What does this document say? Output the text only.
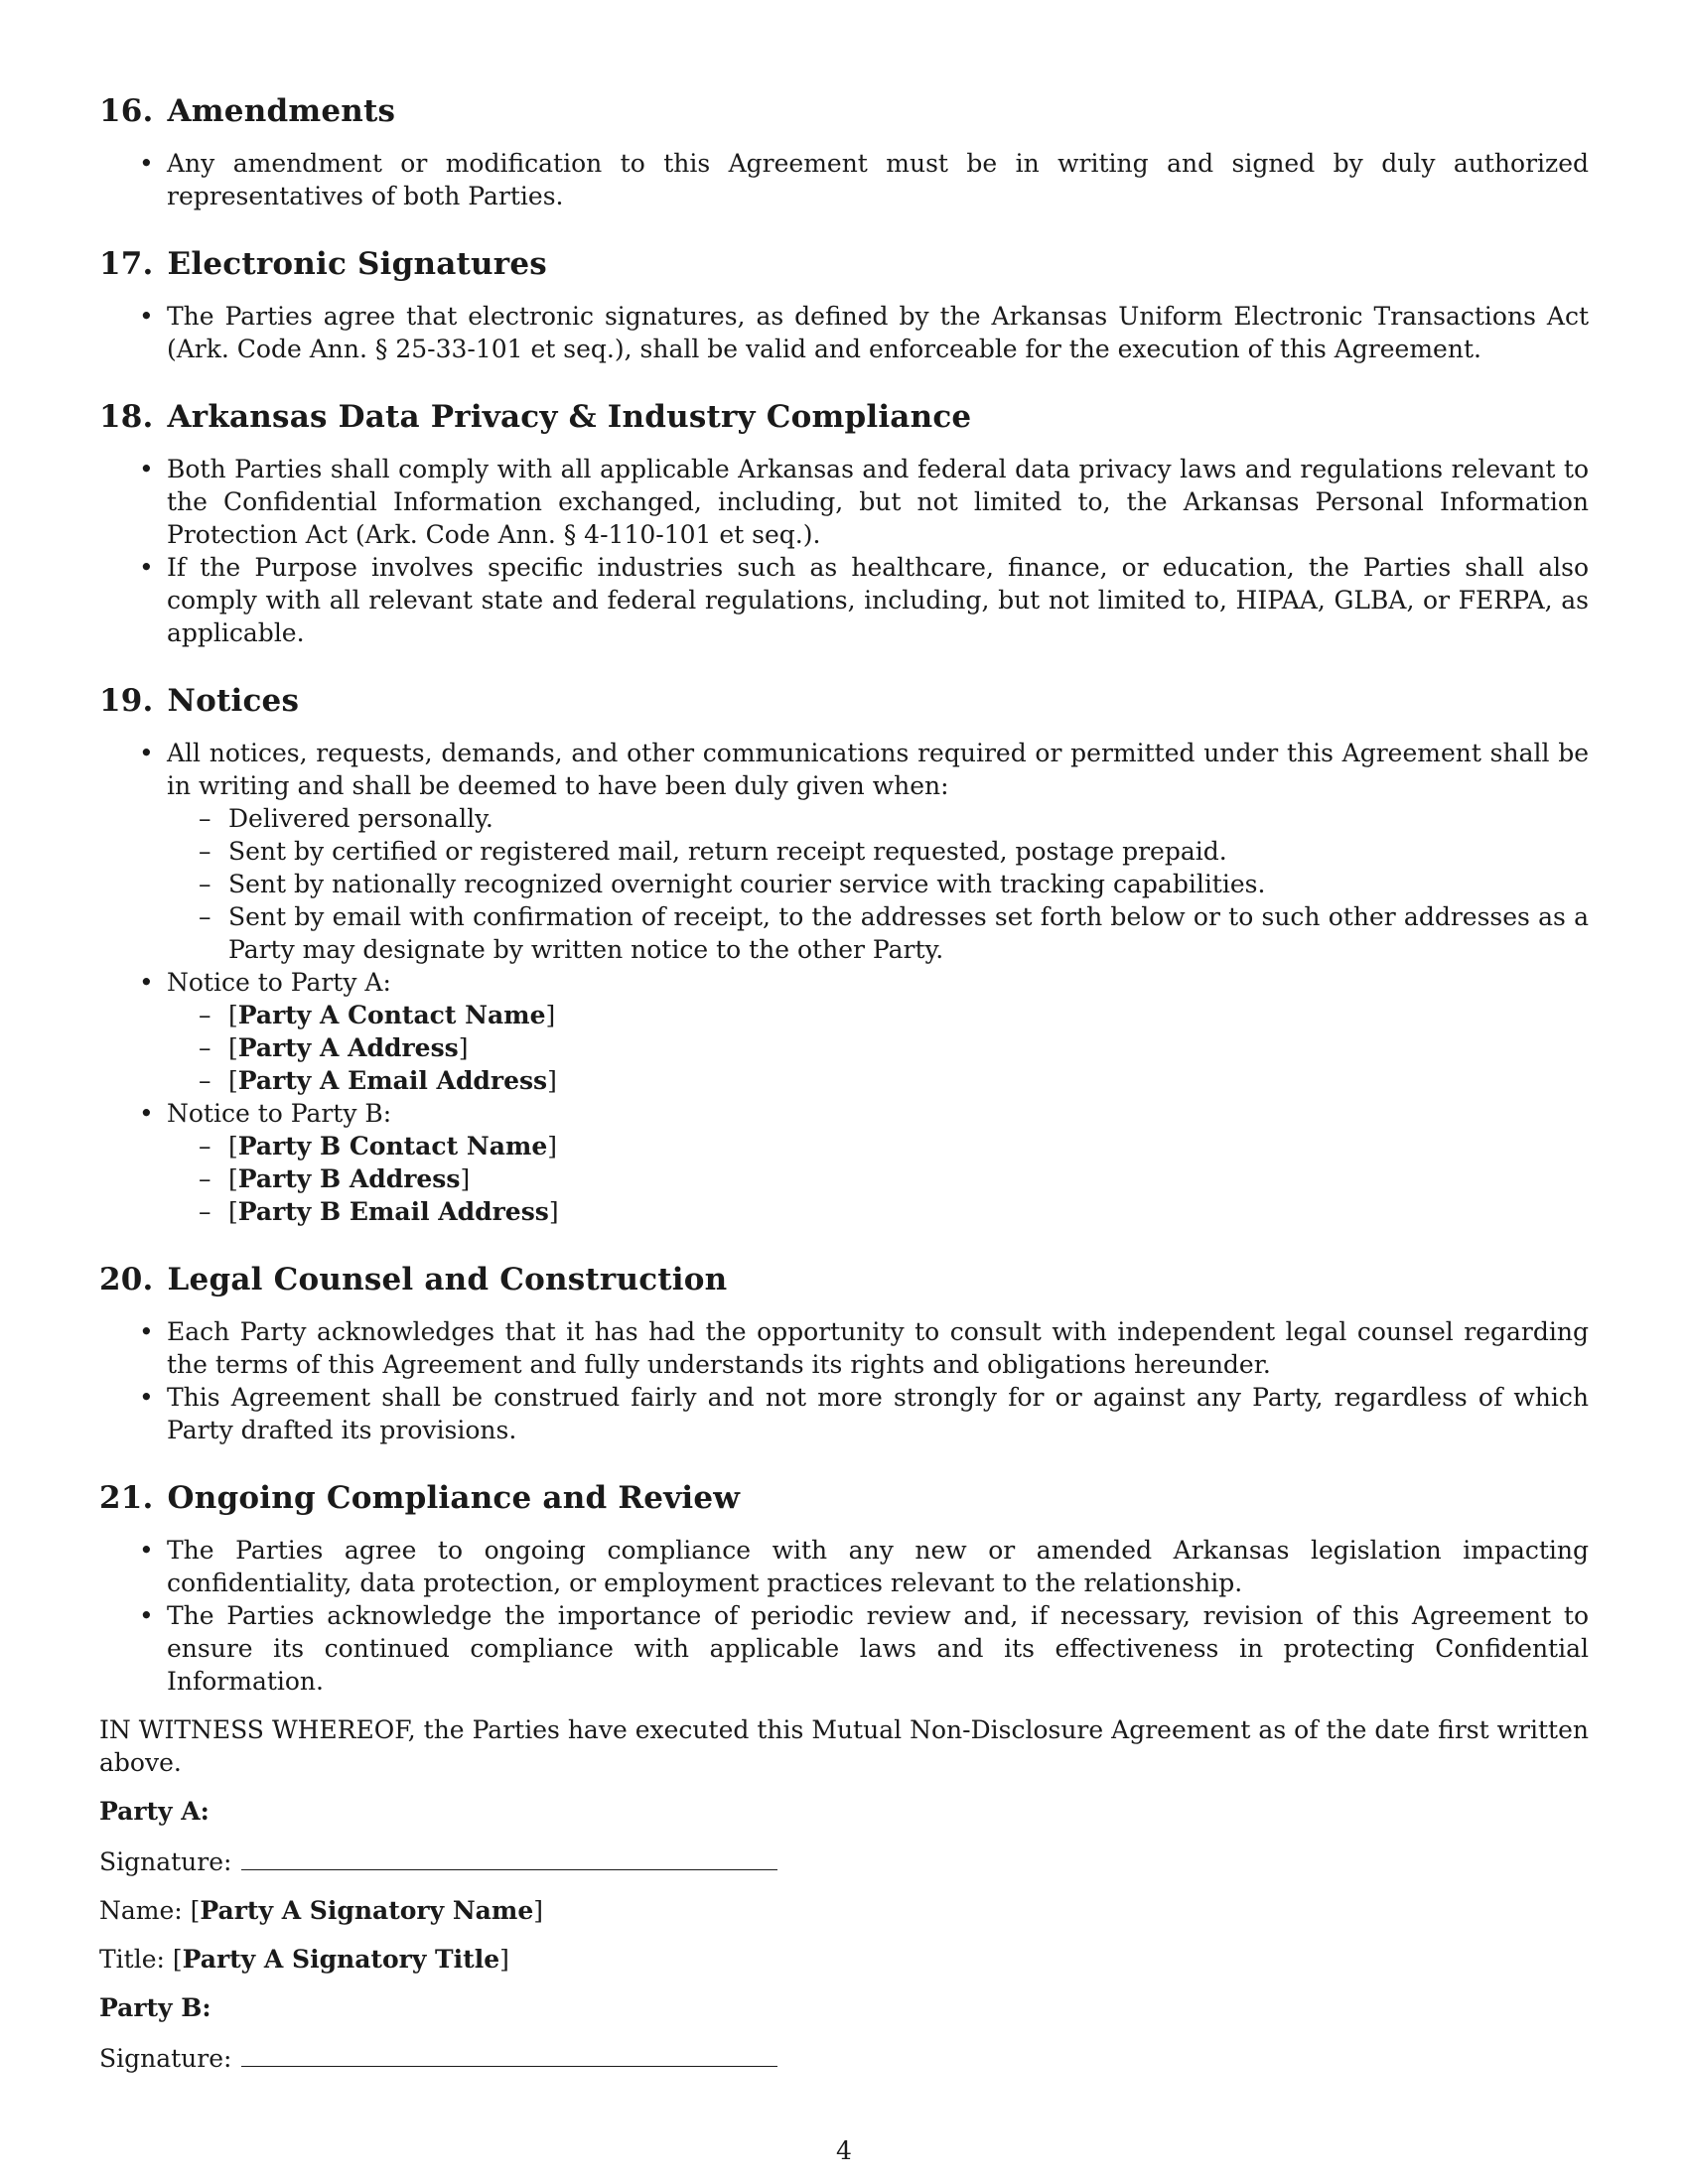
16. Amendments
• Any amendment or modification to this Agreement must be in writing and signed by duly authorized representatives of both Parties.
17. Electronic Signatures
• The Parties agree that electronic signatures, as defined by the Arkansas Uniform Electronic Transactions Act (Ark. Code Ann. § 25-33-101 et seq.), shall be valid and enforceable for the execution of this Agreement.
18. Arkansas Data Privacy & Industry Compliance
• Both Parties shall comply with all applicable Arkansas and federal data privacy laws and regulations relevant to the Confidential Information exchanged, including, but not limited to, the Arkansas Personal Information Protection Act (Ark. Code Ann. § 4-110-101 et seq.).
• If the Purpose involves specific industries such as healthcare, finance, or education, the Parties shall also comply with all relevant state and federal regulations, including, but not limited to, HIPAA, GLBA, or FERPA, as applicable.
19. Notices
• All notices, requests, demands, and other communications required or permitted under this Agreement shall be in writing and shall be deemed to have been duly given when:
– Delivered personally.
– Sent by certified or registered mail, return receipt requested, postage prepaid.
– Sent by nationally recognized overnight courier service with tracking capabilities.
– Sent by email with confirmation of receipt, to the addresses set forth below or to such other addresses as a Party may designate by written notice to the other Party.
• Notice to Party A:
– [Party A Contact Name]
– [Party A Address]
– [Party A Email Address]
• Notice to Party B:
– [Party B Contact Name]
– [Party B Address]
– [Party B Email Address]
20. Legal Counsel and Construction
• Each Party acknowledges that it has had the opportunity to consult with independent legal counsel regarding the terms of this Agreement and fully understands its rights and obligations hereunder.
• This Agreement shall be construed fairly and not more strongly for or against any Party, regardless of which Party drafted its provisions.
21. Ongoing Compliance and Review
• The Parties agree to ongoing compliance with any new or amended Arkansas legislation impacting confidentiality, data protection, or employment practices relevant to the relationship.
• The Parties acknowledge the importance of periodic review and, if necessary, revision of this Agreement to ensure its continued compliance with applicable laws and its effectiveness in protecting Confidential Information.

IN WITNESS WHEREOF, the Parties have executed this Mutual Non-Disclosure Agreement as of the date first written above.

Party A:
Signature:
Name: [Party A Signatory Name]
Title: [Party A Signatory Title]
Party B:
Signature:
4
